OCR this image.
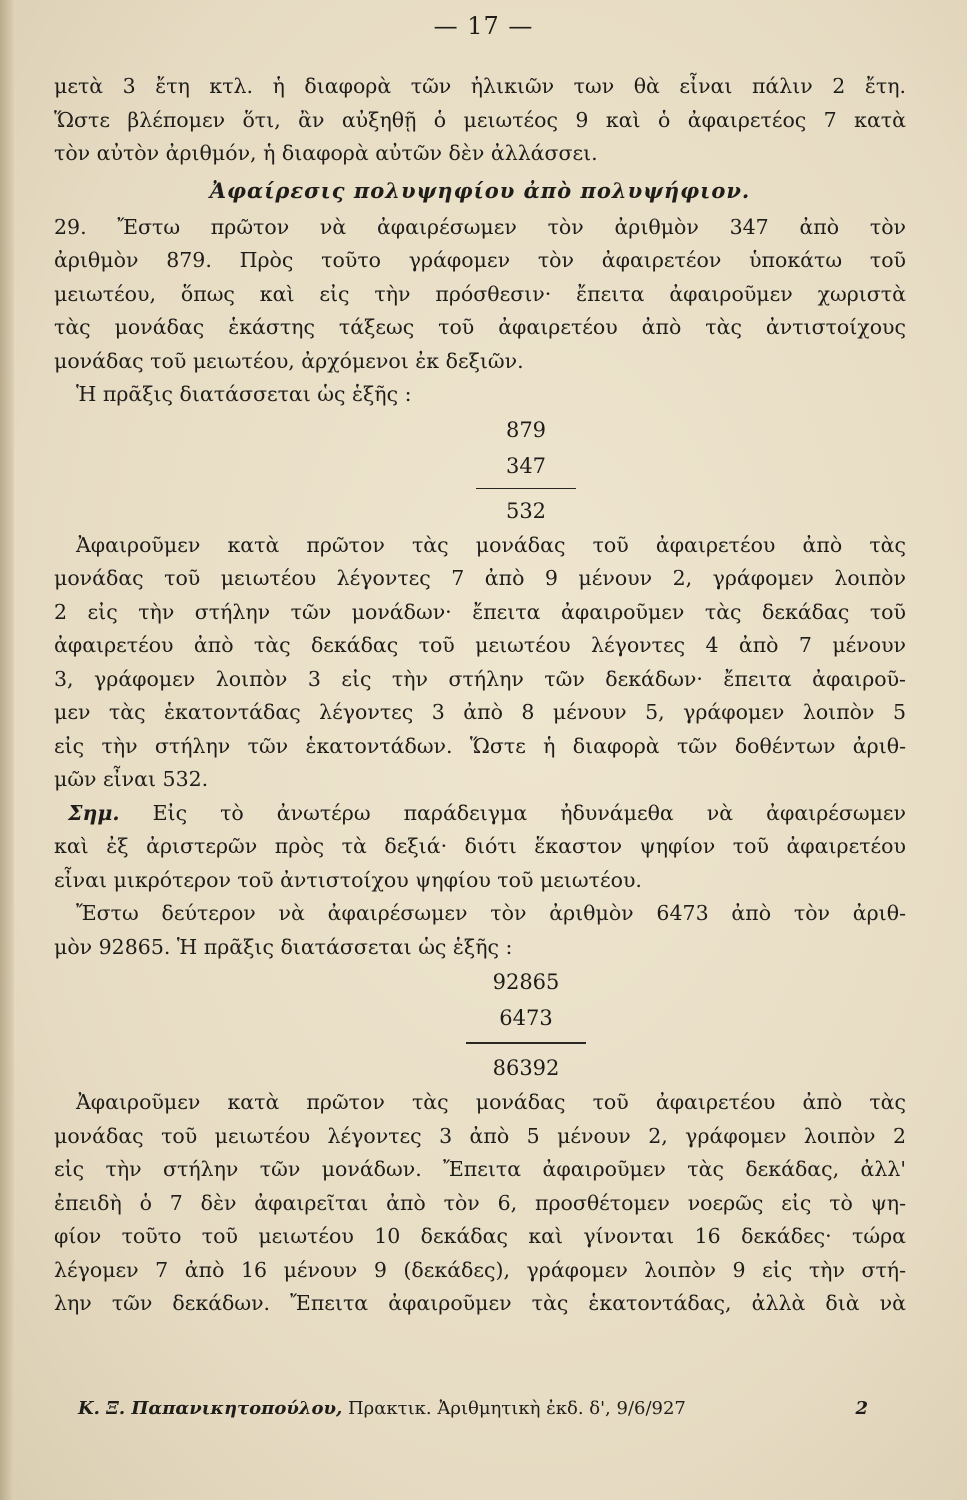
— 17 —
μετὰ 3 ἔτη κτλ. ἡ διαφορὰ τῶν ἡλικιῶν των θὰ εἶναι πάλιν 2 ἔτη.
Ὥστε βλέπομεν ὅτι, ἂν αὐξηθῇ ὁ μειωτέος 9 καὶ ὁ ἀφαιρετέος 7 κατὰ
τὸν αὐτὸν ἀριθμόν, ἡ διαφορὰ αὐτῶν δὲν ἀλλάσσει.
Ἀφαίρεσις πολυψηφίου ἀπὸ πολυψήφιον.
29. Ἔστω πρῶτον νὰ ἀφαιρέσωμεν τὸν ἀριθμὸν 347 ἀπὸ τὸν
ἀριθμὸν 879. Πρὸς τοῦτο γράφομεν τὸν ἀφαιρετέον ὑποκάτω τοῦ
μειωτέου, ὅπως καὶ εἰς τὴν πρόσθεσιν· ἔπειτα ἀφαιροῦμεν χωριστὰ
τὰς μονάδας ἑκάστης τάξεως τοῦ ἀφαιρετέου ἀπὸ τὰς ἀντιστοίχους
μονάδας τοῦ μειωτέου, ἀρχόμενοι ἐκ δεξιῶν.
Ἡ πρᾶξις διατάσσεται ὡς ἑξῆς :
879
347
532
Ἀφαιροῦμεν κατὰ πρῶτον τὰς μονάδας τοῦ ἀφαιρετέου ἀπὸ τὰς
μονάδας τοῦ μειωτέου λέγοντες 7 ἀπὸ 9 μένουν 2, γράφομεν λοιπὸν
2 εἰς τὴν στήλην τῶν μονάδων· ἔπειτα ἀφαιροῦμεν τὰς δεκάδας τοῦ
ἀφαιρετέου ἀπὸ τὰς δεκάδας τοῦ μειωτέου λέγοντες 4 ἀπὸ 7 μένουν
3, γράφομεν λοιπὸν 3 εἰς τὴν στήλην τῶν δεκάδων· ἔπειτα ἀφαιροῦ-
μεν τὰς ἑκατοντάδας λέγοντες 3 ἀπὸ 8 μένουν 5, γράφομεν λοιπὸν 5
εἰς τὴν στήλην τῶν ἑκατοντάδων. Ὥστε ἡ διαφορὰ τῶν δοθέντων ἀριθ-
μῶν εἶναι 532.
Σημ. Εἰς τὸ ἀνωτέρω παράδειγμα ἠδυνάμεθα νὰ ἀφαιρέσωμεν
καὶ ἐξ ἀριστερῶν πρὸς τὰ δεξιά· διότι ἕκαστον ψηφίον τοῦ ἀφαιρετέου
εἶναι μικρότερον τοῦ ἀντιστοίχου ψηφίου τοῦ μειωτέου.
Ἔστω δεύτερον νὰ ἀφαιρέσωμεν τὸν ἀριθμὸν 6473 ἀπὸ τὸν ἀριθ-
μὸν 92865. Ἡ πρᾶξις διατάσσεται ὡς ἑξῆς :
92865
6473
86392
Ἀφαιροῦμεν κατὰ πρῶτον τὰς μονάδας τοῦ ἀφαιρετέου ἀπὸ τὰς
μονάδας τοῦ μειωτέου λέγοντες 3 ἀπὸ 5 μένουν 2, γράφομεν λοιπὸν 2
εἰς τὴν στήλην τῶν μονάδων. Ἔπειτα ἀφαιροῦμεν τὰς δεκάδας, ἀλλ'
ἐπειδὴ ὁ 7 δὲν ἀφαιρεῖται ἀπὸ τὸν 6, προσθέτομεν νοερῶς εἰς τὸ ψη-
φίον τοῦτο τοῦ μειωτέου 10 δεκάδας καὶ γίνονται 16 δεκάδες· τώρα
λέγομεν 7 ἀπὸ 16 μένουν 9 (δεκάδες), γράφομεν λοιπὸν 9 εἰς τὴν στή-
λην τῶν δεκάδων. Ἔπειτα ἀφαιροῦμεν τὰς ἑκατοντάδας, ἀλλὰ διὰ νὰ
Κ. Ξ. Παπανικητοπούλου, Πρακτικ. Ἀριθμητικὴ ἐκδ. δ', 9/6/927	2
